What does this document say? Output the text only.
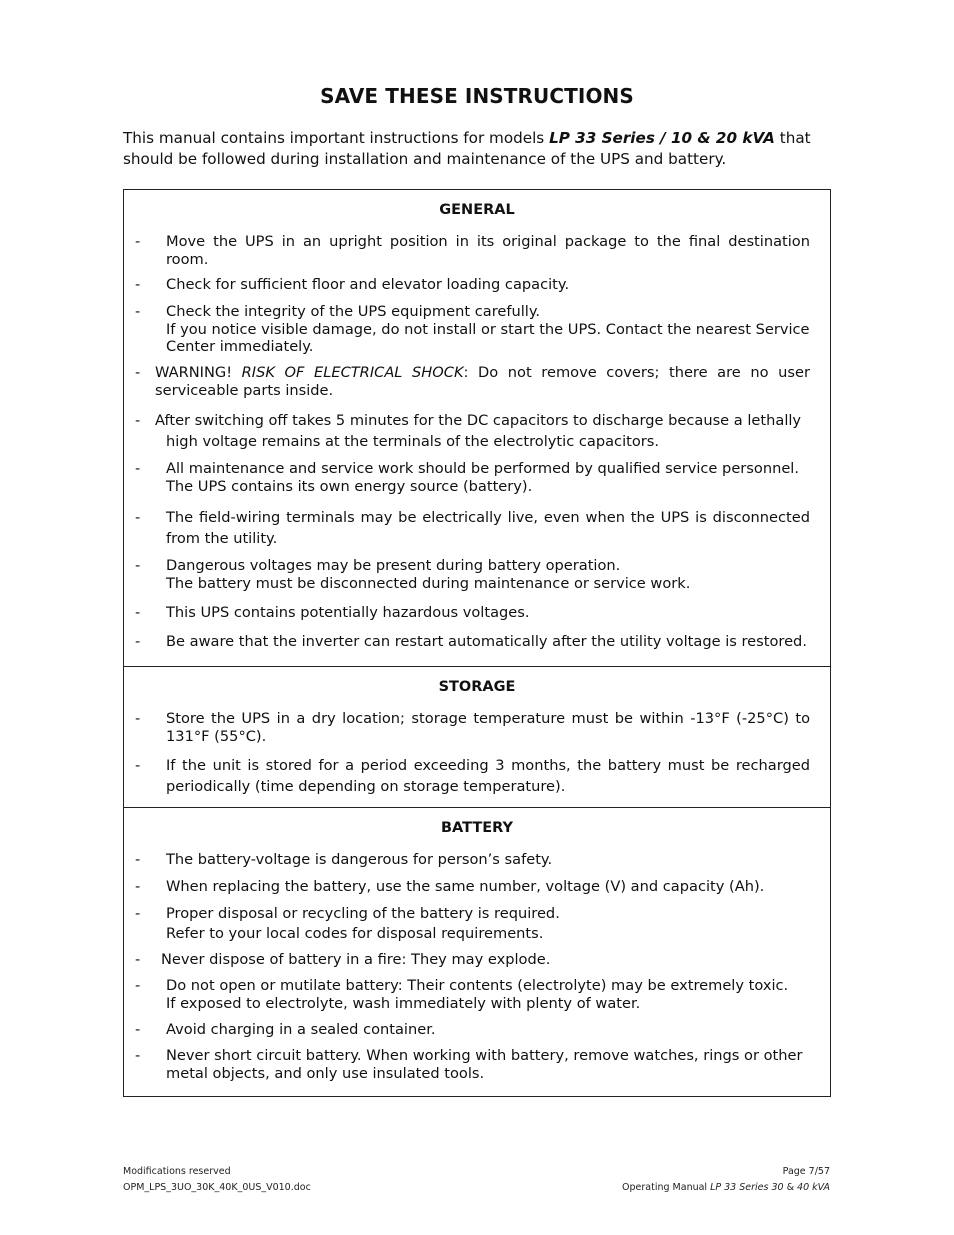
SAVE THESE INSTRUCTIONS
This manual contains important instructions for models LP 33 Series / 10 & 20 kVA that should be followed during installation and maintenance of the UPS and battery.
GENERAL
- Move the UPS in an upright position in its original package to the final destination room.

- Check for sufficient floor and elevator loading capacity.

- Check the integrity of the UPS equipment carefully.

If you notice visible damage, do not install or start the UPS. Contact the nearest Service Center immediately.

- WARNING! RISK OF ELECTRICAL SHOCK: Do not remove covers; there are no user serviceable parts inside.

- After switching off takes 5 minutes for the DC capacitors to discharge because a lethally

high voltage remains at the terminals of the electrolytic capacitors.

- All maintenance and service work should be performed by qualified service personnel.

The UPS contains its own energy source (battery).

- The field-wiring terminals may be electrically live, even when the UPS is disconnected from the utility.

- Dangerous voltages may be present during battery operation.

The battery must be disconnected during maintenance or service work.

- This UPS contains potentially hazardous voltages.

- Be aware that the inverter can restart automatically after the utility voltage is restored.

STORAGE
- Store the UPS in a dry location; storage temperature must be within -13°F (-25°C) to 131°F (55°C).

- If the unit is stored for a period exceeding 3 months, the battery must be recharged periodically (time depending on storage temperature).

BATTERY
- The battery-voltage is dangerous for person’s safety.

- When replacing the battery, use the same number, voltage (V) and capacity (Ah).

- Proper disposal or recycling of the battery is required.

Refer to your local codes for disposal requirements.

- Never dispose of battery in a fire: They may explode.

- Do not open or mutilate battery: Their contents (electrolyte) may be extremely toxic.

If exposed to electrolyte, wash immediately with plenty of water.

- Avoid charging in a sealed container.

- Never short circuit battery. When working with battery, remove watches, rings or other metal objects, and only use insulated tools.

Modifications reserved
OPM_LPS_3UO_30K_40K_0US_V010.doc
Page 7/57
Operating Manual LP 33 Series 30 & 40 kVA
